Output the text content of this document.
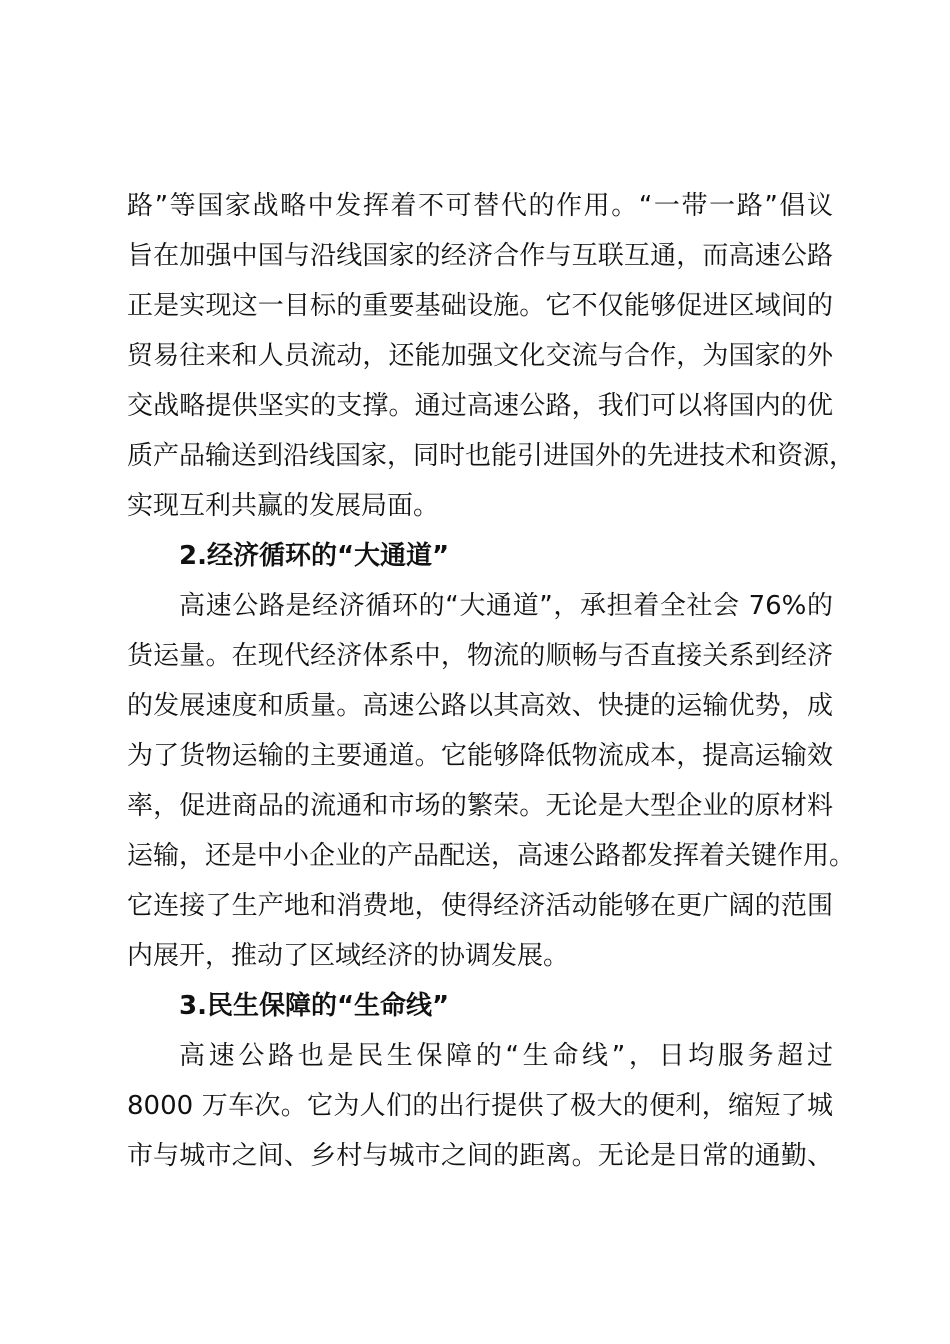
路”等国家战略中发挥着不可替代的作用。“一带一路”倡议
旨在加强中国与沿线国家的经济合作与互联互通，而高速公路
正是实现这一目标的重要基础设施。它不仅能够促进区域间的
贸易往来和人员流动，还能加强文化交流与合作，为国家的外
交战略提供坚实的支撑。通过高速公路，我们可以将国内的优
质产品输送到沿线国家，同时也能引进国外的先进技术和资源，
实现互利共赢的发展局面。
2.经济循环的“大通道”
高速公路是经济循环的“大通道”，承担着全社会 76%的
货运量。在现代经济体系中，物流的顺畅与否直接关系到经济
的发展速度和质量。高速公路以其高效、快捷的运输优势，成
为了货物运输的主要通道。它能够降低物流成本，提高运输效
率，促进商品的流通和市场的繁荣。无论是大型企业的原材料
运输，还是中小企业的产品配送，高速公路都发挥着关键作用。
它连接了生产地和消费地，使得经济活动能够在更广阔的范围
内展开，推动了区域经济的协调发展。
3.民生保障的“生命线”
高速公路也是民生保障的“生命线”，日均服务超过
8000 万车次。它为人们的出行提供了极大的便利，缩短了城
市与城市之间、乡村与城市之间的距离。无论是日常的通勤、
